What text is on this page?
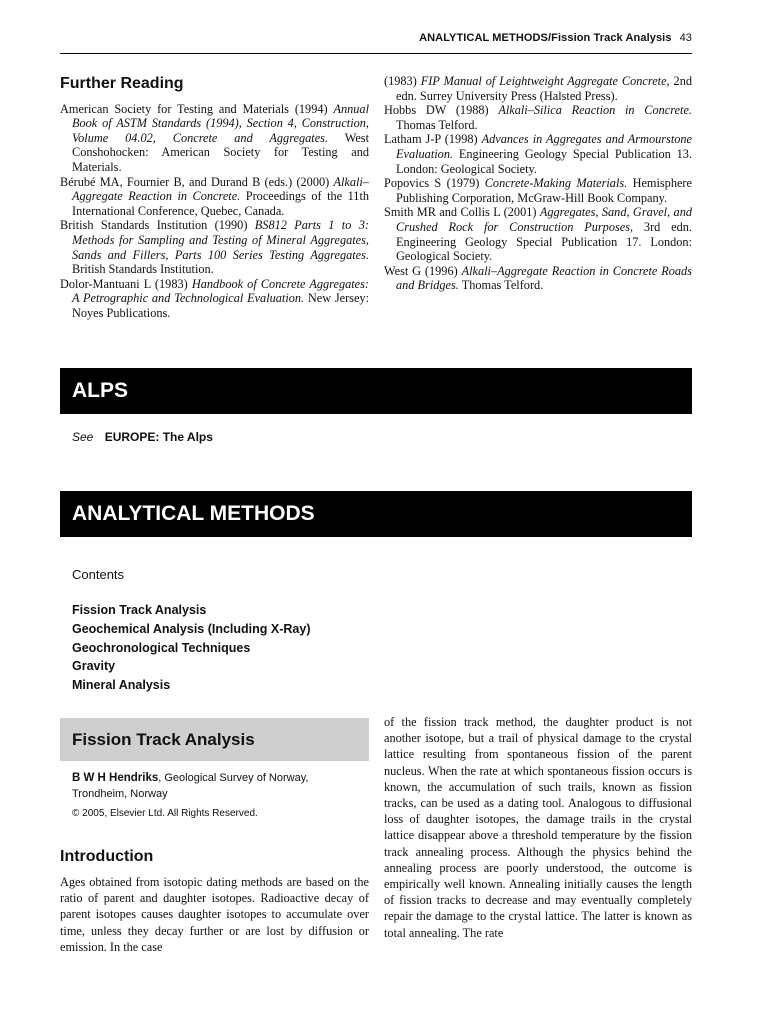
ANALYTICAL METHODS/Fission Track Analysis 43
Further Reading

American Society for Testing and Materials (1994) Annual Book of ASTM Standards (1994), Section 4, Construction, Volume 04.02, Concrete and Aggregates. West Conshohocken: American Society for Testing and Materials.

Bérubé MA, Fournier B, and Durand B (eds.) (2000) Alkali–Aggregate Reaction in Concrete. Proceedings of the 11th International Conference, Quebec, Canada.

British Standards Institution (1990) BS812 Parts 1 to 3: Methods for Sampling and Testing of Mineral Aggregates, Sands and Fillers, Parts 100 Series Testing Aggregates. British Standards Institution.

Dolor-Mantuani L (1983) Handbook of Concrete Aggregates: A Petrographic and Technological Evaluation. New Jersey: Noyes Publications.

(1983) FIP Manual of Leightweight Aggregate Concrete, 2nd edn. Surrey University Press (Halsted Press).

Hobbs DW (1988) Alkali–Silica Reaction in Concrete. Thomas Telford.

Latham J-P (1998) Advances in Aggregates and Armourstone Evaluation. Engineering Geology Special Publication 13. London: Geological Society.

Popovics S (1979) Concrete-Making Materials. Hemisphere Publishing Corporation, McGraw-Hill Book Company.

Smith MR and Collis L (2001) Aggregates, Sand, Gravel, and Crushed Rock for Construction Purposes, 3rd edn. Engineering Geology Special Publication 17. London: Geological Society.

West G (1996) Alkali–Aggregate Reaction in Concrete Roads and Bridges. Thomas Telford.

ALPS
See EUROPE: The Alps
ANALYTICAL METHODS
Contents
Fission Track Analysis
Geochemical Analysis (Including X-Ray)
Geochronological Techniques
Gravity
Mineral Analysis
Fission Track Analysis
B W H Hendriks, Geological Survey of Norway, Trondheim, Norway
© 2005, Elsevier Ltd. All Rights Reserved.
Introduction

Ages obtained from isotopic dating methods are based on the ratio of parent and daughter isotopes. Radioactive decay of parent isotopes causes daughter isotopes to accumulate over time, unless they decay further or are lost by diffusion or emission. In the case

of the fission track method, the daughter product is not another isotope, but a trail of physical damage to the crystal lattice resulting from spontaneous fission of the parent nucleus. When the rate at which spontaneous fission occurs is known, the accumulation of such trails, known as fission tracks, can be used as a dating tool. Analogous to diffusional loss of daughter isotopes, the damage trails in the crystal lattice disappear above a threshold temperature by the fission track annealing process. Although the physics behind the annealing process are poorly understood, the outcome is empirically well known. Annealing initially causes the length of fission tracks to decrease and may eventually completely repair the damage to the crystal lattice. The latter is known as total annealing. The rate
